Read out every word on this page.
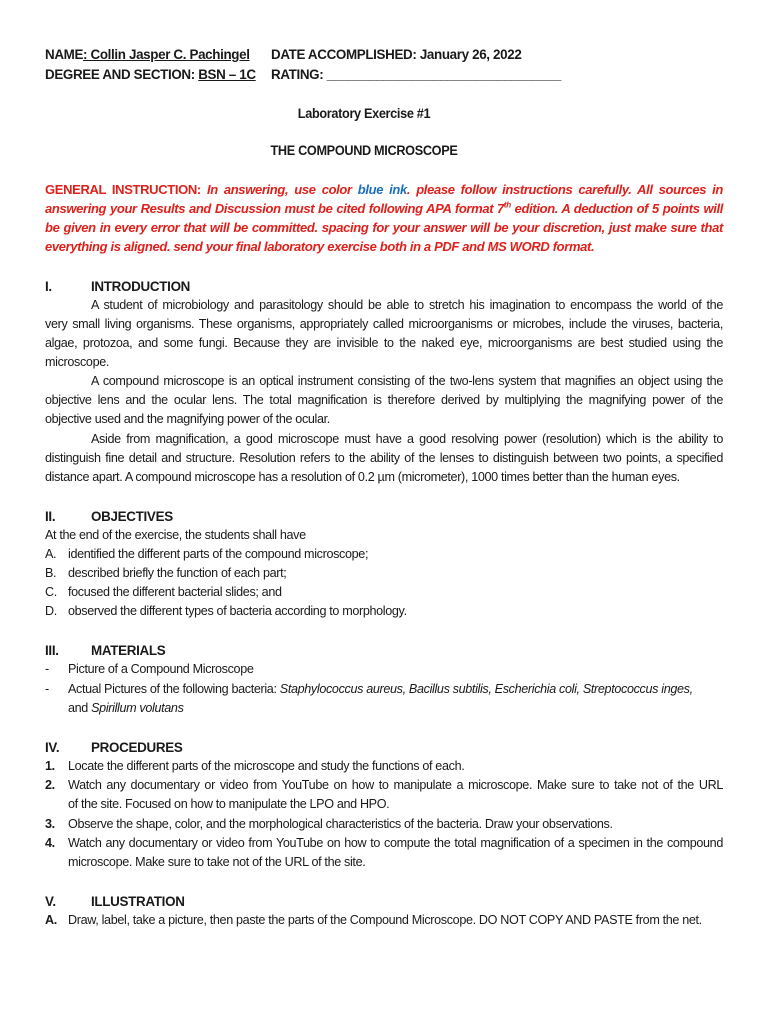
NAME: Collin Jasper C. Pachingel DATE ACCOMPLISHED: January 26, 2022
DEGREE AND SECTION: BSN – 1C RATING: _________________________________
Laboratory Exercise #1
THE COMPOUND MICROSCOPE
GENERAL INSTRUCTION: In answering, use color blue ink. please follow instructions carefully. All sources in
answering your Results and Discussion must be cited following APA format 7th edition. A deduction of 5 points will
be given in every error that will be committed. spacing for your answer will be your discretion, just make sure that
everything is aligned. send your final laboratory exercise both in a PDF and MS WORD format.
I.	INTRODUCTION
A student of microbiology and parasitology should be able to stretch his imagination to encompass the world of the
very small living organisms. These organisms, appropriately called microorganisms or microbes, include the viruses, bacteria,
algae, protozoa, and some fungi. Because they are invisible to the naked eye, microorganisms are best studied using the
microscope.
A compound microscope is an optical instrument consisting of the two-lens system that magnifies an object using the
objective lens and the ocular lens. The total magnification is therefore derived by multiplying the magnifying power of the
objective used and the magnifying power of the ocular.
Aside from magnification, a good microscope must have a good resolving power (resolution) which is the ability to
distinguish fine detail and structure. Resolution refers to the ability of the lenses to distinguish between two points, a specified
distance apart. A compound microscope has a resolution of 0.2 µm (micrometer), 1000 times better than the human eyes.
II.	OBJECTIVES
At the end of the exercise, the students shall have
A. identified the different parts of the compound microscope;
B. described briefly the function of each part;
C. focused the different bacterial slides; and
D. observed the different types of bacteria according to morphology.
III. MATERIALS
-	Picture of a Compound Microscope
-	Actual Pictures of the following bacteria: Staphylococcus aureus, Bacillus subtilis, Escherichia coli, Streptococcus inges,
and Spirillum volutans
IV. PROCEDURES
1.	Locate the different parts of the microscope and study the functions of each.
2.	Watch any documentary or video from YouTube on how to manipulate a microscope. Make sure to take not of the URL
of the site. Focused on how to manipulate the LPO and HPO.
3.	Observe the shape, color, and the morphological characteristics of the bacteria. Draw your observations.
4.	Watch any documentary or video from YouTube on how to compute the total magnification of a specimen in the compound
microscope. Make sure to take not of the URL of the site.
V.	ILLUSTRATION
A. Draw, label, take a picture, then paste the parts of the Compound Microscope. DO NOT COPY AND PASTE from the net.
